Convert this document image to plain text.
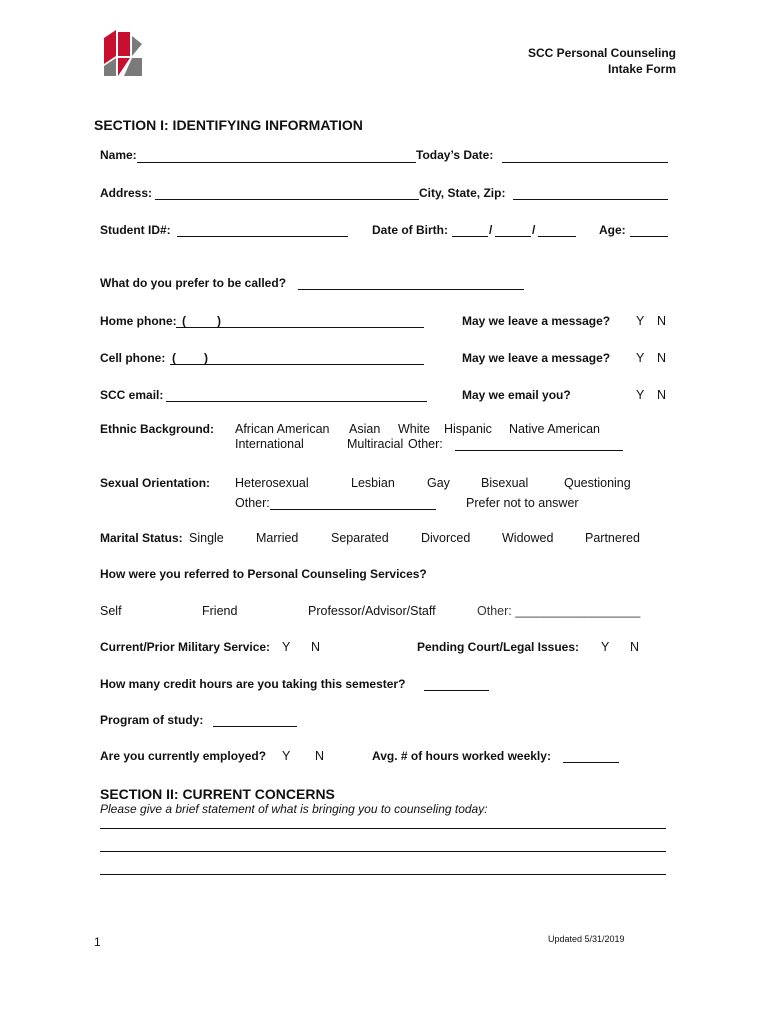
SCC Personal Counseling
Intake Form
SECTION I: IDENTIFYING INFORMATION
Name:	Today’s Date:
Address:	City, State, Zip:
Student ID#:	Date of Birth:	/	/	Age:
What do you prefer to be called?
Home phone: (	)	May we leave a message? Y N
Cell phone: ( )	May we leave a message? Y N
SCC email:	May we email you?	Y N
Ethnic Background: African American Asian White Hispanic Native American
International	Multiracial Other:
Sexual Orientation: Heterosexual	Lesbian	Gay Bisexual	Questioning
Other:	Prefer not to answer
Marital Status: Single	Married	Separated	Divorced	Widowed	Partnered
How were you referred to Personal Counseling Services?
Self	Friend	Professor/Advisor/Staff	Other: __________________
Current/Prior Military Service: Y N	Pending Court/Legal Issues: Y N
How many credit hours are you taking this semester?
Program of study:
Are you currently employed? Y N	Avg. # of hours worked weekly:
SECTION II: CURRENT CONCERNS
Please give a brief statement of what is bringing you to counseling today:
1	Updated 5/31/2019
